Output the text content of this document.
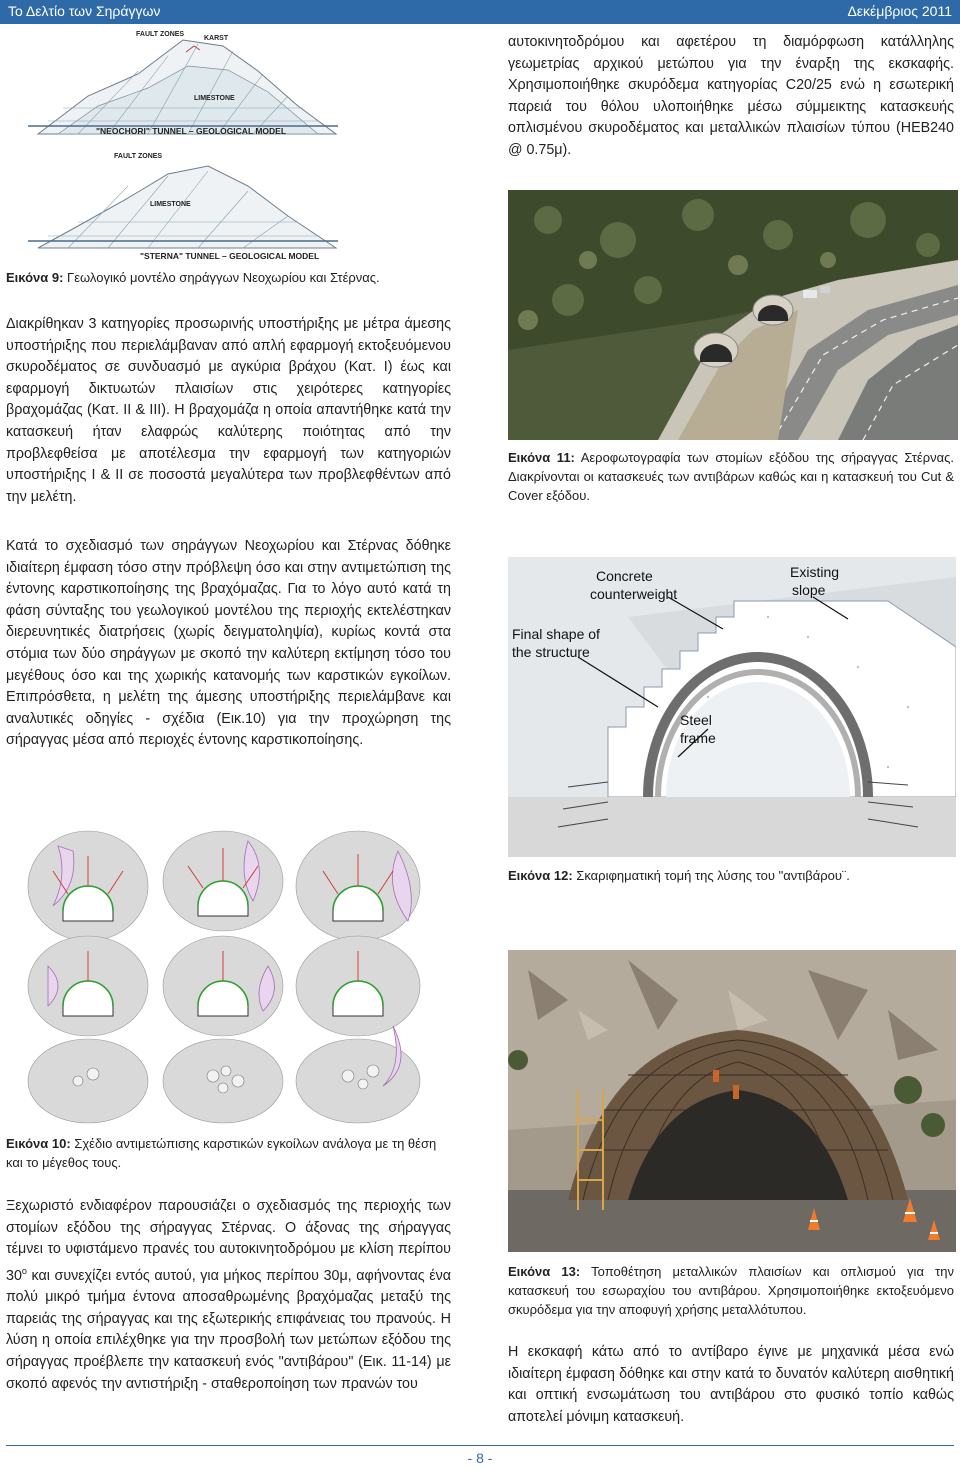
Το Δελτίο των Σηράγγων	Δεκέμβριος 2011
FAULT ZONES
KARST
LIMESTONE
"NEOCHORI" TUNNEL – GEOLOGICAL MODEL
FAULT ZONES
LIMESTONE
"STERNA" TUNNEL – GEOLOGICAL MODEL

Εικόνα 9: Γεωλογικό μοντέλο σηράγγων Νεοχωρίου και Στέρνας.

Διακρίθηκαν 3 κατηγορίες προσωρινής υποστήριξης με μέτρα άμεσης υποστήριξης που περιελάμβαναν από απλή εφαρμογή εκτοξευόμενου σκυροδέματος σε συνδυασμό με αγκύρια βράχου (Κατ. Ι) έως και εφαρμογή δικτυωτών πλαισίων στις χειρότερες κατηγορίες βραχομάζας (Κατ. ΙΙ & ΙΙΙ). Η βραχομάζα η οποία απαντήθηκε κατά την κατασκευή ήταν ελαφρώς καλύτερης ποιότητας από την προβλεφθείσα με αποτέλεσμα την εφαρμογή των κατηγοριών υποστήριξης Ι & ΙΙ σε ποσοστά μεγαλύτερα των προβλεφθέντων από την μελέτη.

Κατά το σχεδιασμό των σηράγγων Νεοχωρίου και Στέρνας δόθηκε ιδιαίτερη έμφαση τόσο στην πρόβλεψη όσο και στην αντιμετώπιση της έντονης καρστικοποίησης της βραχόμαζας. Για το λόγο αυτό κατά τη φάση σύνταξης του γεωλογικού μοντέλου της περιοχής εκτελέστηκαν διερευνητικές διατρήσεις (χωρίς δειγματοληψία), κυρίως κοντά στα στόμια των δύο σηράγγων με σκοπό την καλύτερη εκτίμηση τόσο του μεγέθους όσο και της χωρικής κατανομής των καρστικών εγκοίλων. Επιπρόσθετα, η μελέτη της άμεσης υποστήριξης περιελάμβανε και αναλυτικές οδηγίες - σχέδια (Εικ.10) για την προχώρηση της σήραγγας μέσα από περιοχές έντονης καρστικοποίησης.

Εικόνα 10: Σχέδιο αντιμετώπισης καρστικών εγκοίλων ανάλογα με τη θέση και το μέγεθος τους.

Ξεχωριστό ενδιαφέρον παρουσιάζει ο σχεδιασμός της περιοχής των στομίων εξόδου της σήραγγας Στέρνας. Ο άξονας της σήραγγας τέμνει το υφιστάμενο πρανές του αυτοκινητοδρόμου με κλίση περίπου $30^o$ και συνεχίζει εντός αυτού, για μήκος περίπου 30μ, αφήνοντας ένα πολύ μικρό τμήμα έντονα αποσαθρωμένης βραχόμαζας μεταξύ της παρειάς της σήραγγας και της εξωτερικής επιφάνειας του πρανούς. Η λύση η οποία επιλέχθηκε για την προσβολή των μετώπων εξόδου της σήραγγας προέβλεπε την κατασκευή ενός "αντιβάρου" (Εικ. 11-14) με σκοπό αφενός την αντιστήριξη - σταθεροποίηση των πρανών του

αυτοκινητοδρόμου και αφετέρου τη διαμόρφωση κατάλληλης γεωμετρίας αρχικού μετώπου για την έναρξη της εκσκαφής. Χρησιμοποιήθηκε σκυρόδεμα κατηγορίας C20/25 ενώ η εσωτερική παρειά του θόλου υλοποιήθηκε μέσω σύμμεικτης κατασκευής οπλισμένου σκυροδέματος και μεταλλικών πλαισίων τύπου (HEB240 @ 0.75μ).

Εικόνα 11: Αεροφωτογραφία των στομίων εξόδου της σήραγγας Στέρνας. Διακρίνονται οι κατασκευές των αντιβάρων καθώς και η κατασκευή του Cut & Cover εξόδου.

Concrete
counterweight
Existing
slope
Final shape of
the structure
Steel
frame

Εικόνα 12: Σκαριφηματική τομή της λύσης του "αντιβάρου¨.

Εικόνα 13: Τοποθέτηση μεταλλικών πλαισίων και οπλισμού για την κατασκευή του εσωραχίου του αντιβάρου. Χρησιμοποιήθηκε εκτοξευόμενο σκυρόδεμα για την αποφυγή χρήσης μεταλλότυπου.

Η εκσκαφή κάτω από το αντίβαρο έγινε με μηχανικά μέσα ενώ ιδιαίτερη έμφαση δόθηκε και στην κατά το δυνατόν καλύτερη αισθητική και οπτική ενσωμάτωση του αντιβάρου στο φυσικό τοπίο καθώς αποτελεί μόνιμη κατασκευή.

- 8 -
